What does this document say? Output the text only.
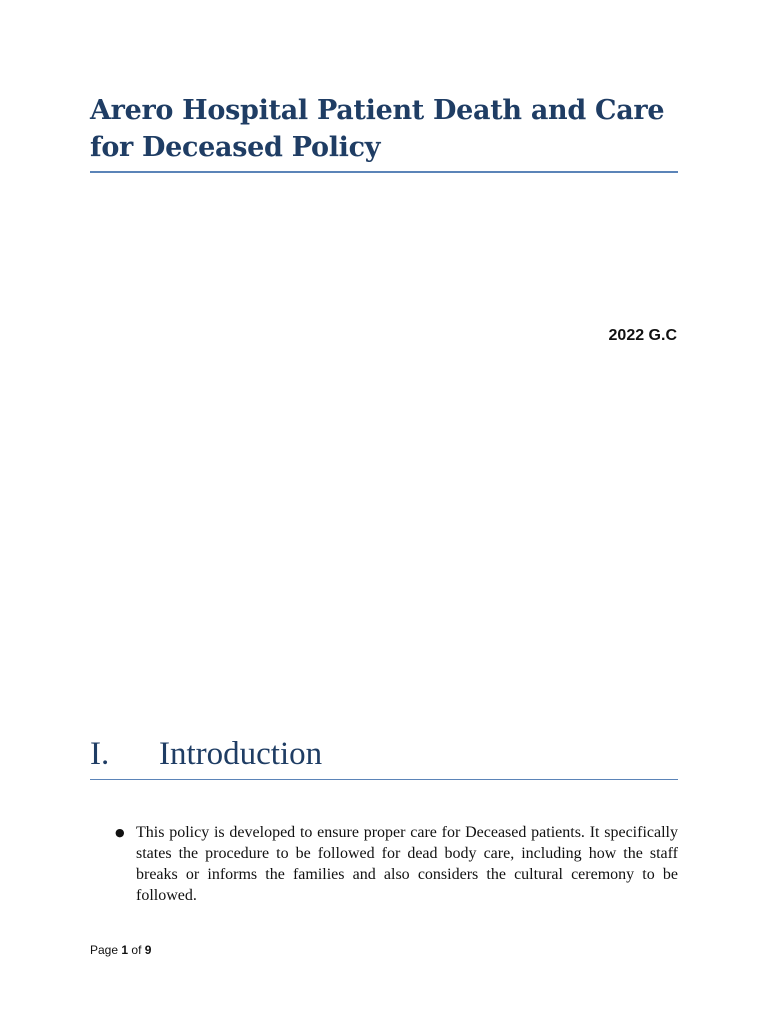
Arero Hospital Patient Death and Care for Deceased Policy
2022 G.C
I. Introduction
● This policy is developed to ensure proper care for Deceased patients. It specifically states the procedure to be followed for dead body care, including how the staff breaks or informs the families and also considers the cultural ceremony to be followed.
Page 1 of 9
